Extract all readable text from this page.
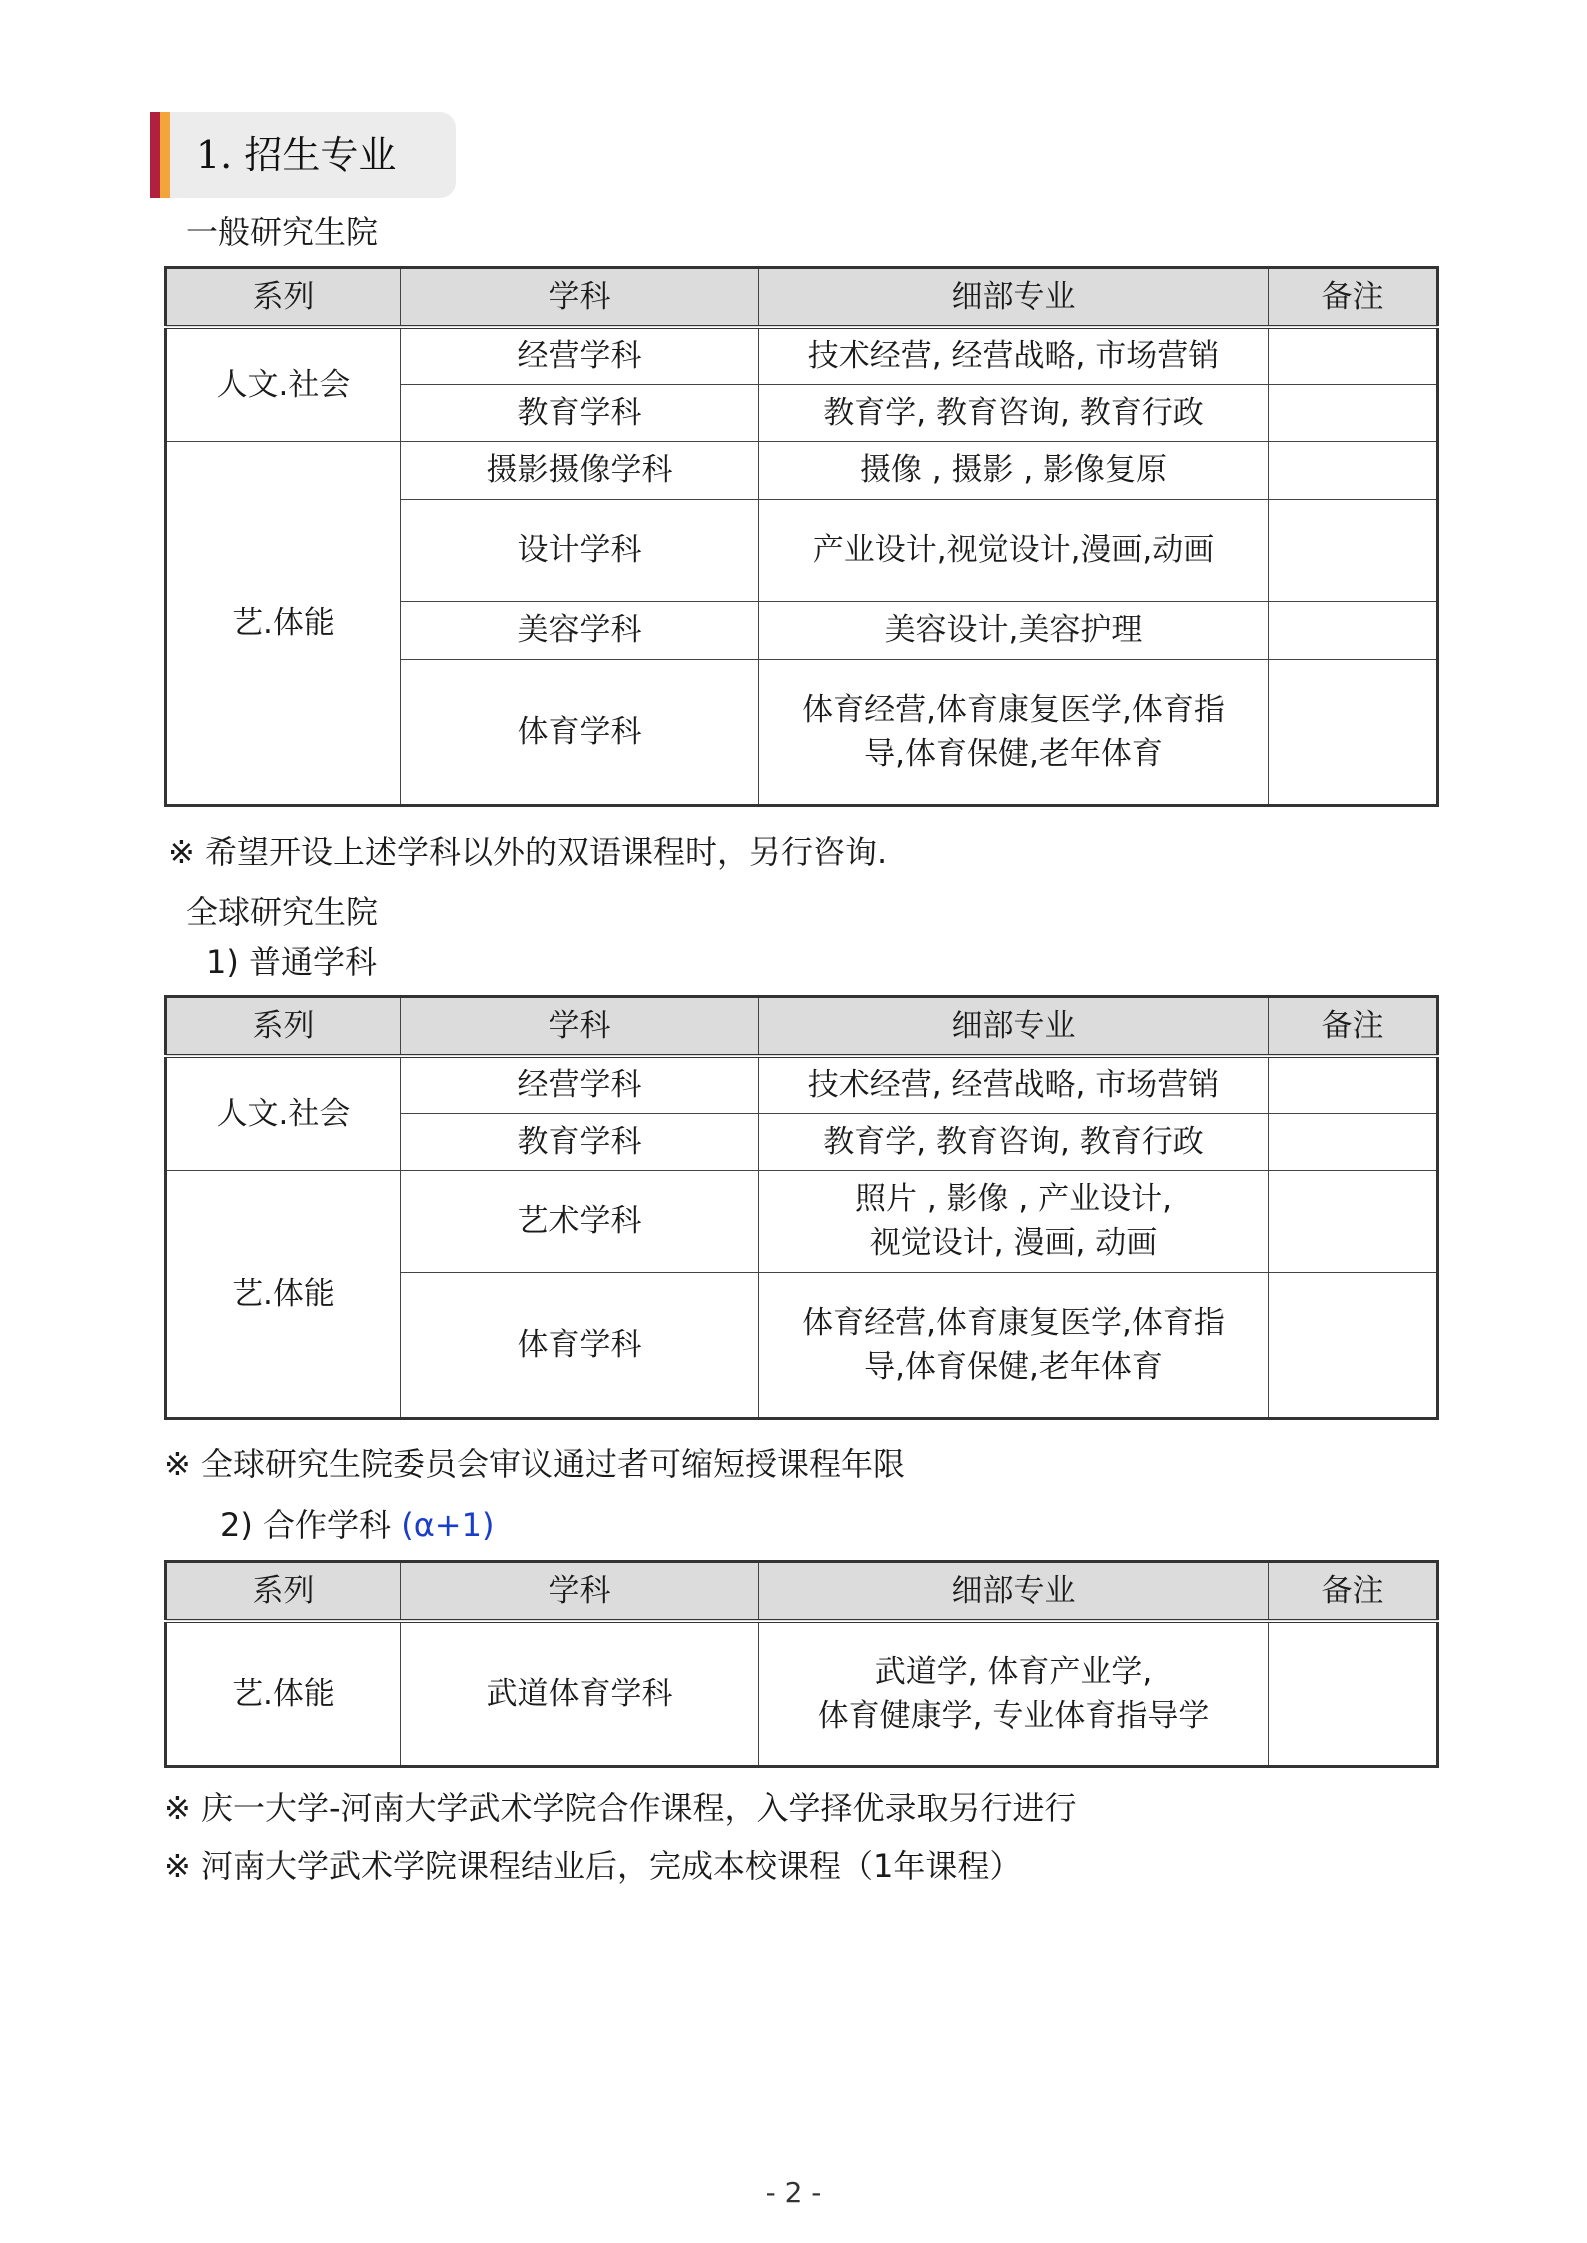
1. 招生专业
一般研究生院
系列	学科	细部专业	备注
人文.社会	经营学科	技术经营, 经营战略, 市场营销	
	教育学科	教育学, 教育咨询, 教育行政	
艺.体能	摄影摄像学科	摄像 , 摄影 , 影像复原	
	设计学科	产业设计,视觉设计,漫画,动画	
	美容学科	美容设计,美容护理	
	体育学科	体育经营,体育康复医学,体育指
导,体育保健,老年体育	

※ 希望开设上述学科以外的双语课程时，另行咨询.
全球研究生院
1) 普通学科
系列	学科	细部专业	备注
人文.社会	经营学科	技术经营, 经营战略, 市场营销	
	教育学科	教育学, 教育咨询, 教育行政	
艺.体能	艺术学科	照片 , 影像 , 产业设计,
视觉设计, 漫画, 动画	

	体育学科	体育经营,体育康复医学,体育指
导,体育保健,老年体育	

※ 全球研究生院委员会审议通过者可缩短授课程年限
2) 合作学科 (α+1)
系列	学科	细部专业	备注
艺.体能	武道体育学科	武道学, 体育产业学,
体育健康学, 专业体育指导学	

※ 庆一大学-河南大学武术学院合作课程，入学择优录取另行进行
※ 河南大学武术学院课程结业后，完成本校课程（1年课程）
- 2 -
